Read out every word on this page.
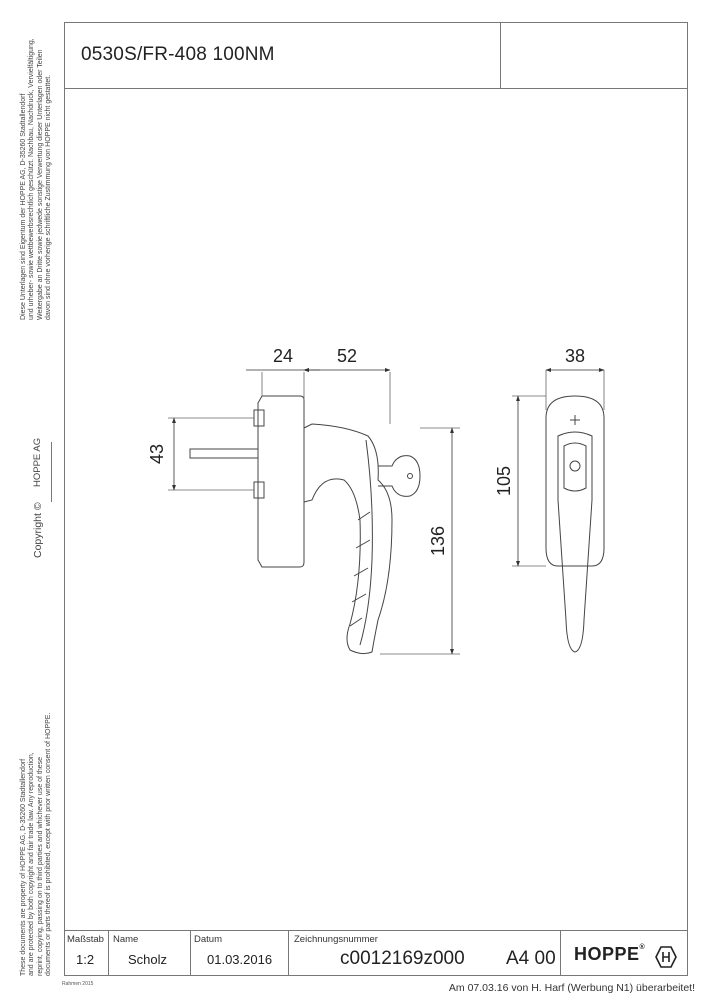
0530S/FR-408 100NM
Diese Unterlagen sind Eigentum der HOPPE AG, D-35260 Stadtallendorf und urheber- sowie wettbewerbsrechtlich geschützt. Nachbau, Nachdruck, Vervielfältigung, Weitergabe an Dritte sowie jedwede sonstige Verwertung dieser Unterlagen oder Teilen davon sind ohne vorherige schriftliche Zustimmung von HOPPE nicht gestattet.
Copyright ©
HOPPE AG
These documents are property of HOPPE AG, D-35260 Stadtallendorf and are protected by both copyright and fair trade law. Any reproduction, reprint, copying, passing on to third parties and whichever use of these documents or parts thereof is prohibited, except with prior written consent of HOPPE.
24 52
43
136
38
105
Maßstab
1:2
Name
Scholz
Datum
01.03.2016
Zeichnungsnummer
c0012169z000 A4 00 HOPPE®
Rahmen 2015	Am 07.03.16 von H. Harf (Werbung N1) überarbeitet!
